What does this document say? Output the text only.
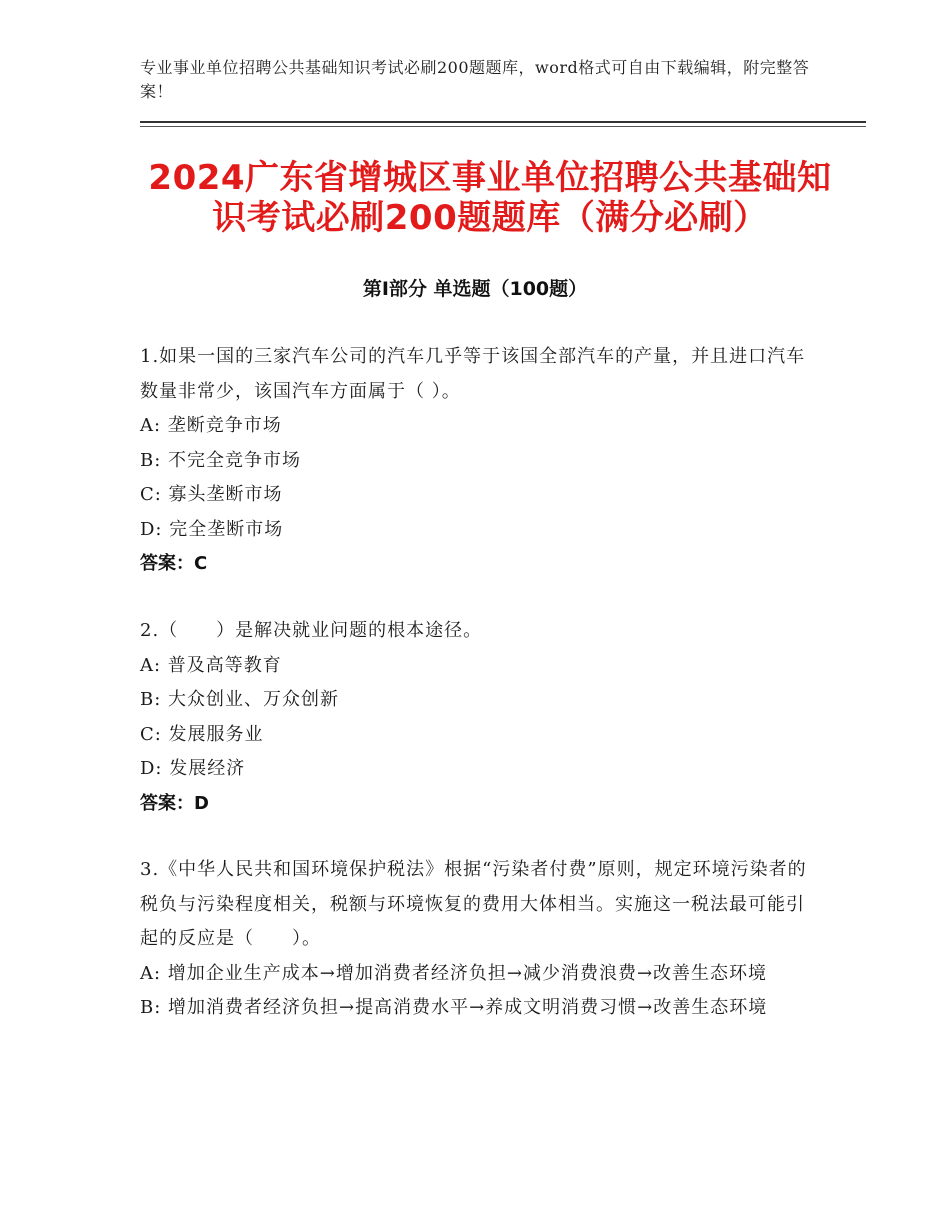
专业事业单位招聘公共基础知识考试必刷200题题库，word格式可自由下载编辑，附完整答案！
2024广东省增城区事业单位招聘公共基础知识考试必刷200题题库（满分必刷）
第Ⅰ部分 单选题（100题）

1.如果一国的三家汽车公司的汽车几乎等于该国全部汽车的产量，并且进口汽车数量非常少，该国汽车方面属于（ ）。

A: 垄断竞争市场

B: 不完全竞争市场

C: 寡头垄断市场

D: 完全垄断市场

答案：C

2.（　　）是解决就业问题的根本途径。

A: 普及高等教育

B: 大众创业、万众创新

C: 发展服务业

D: 发展经济

答案：D

3.《中华人民共和国环境保护税法》根据“污染者付费”原则，规定环境污染者的税负与污染程度相关，税额与环境恢复的费用大体相当。实施这一税法最可能引起的反应是（　　）。

A: 增加企业生产成本→增加消费者经济负担→减少消费浪费→改善生态环境

B: 增加消费者经济负担→提高消费水平→养成文明消费习惯→改善生态环境
